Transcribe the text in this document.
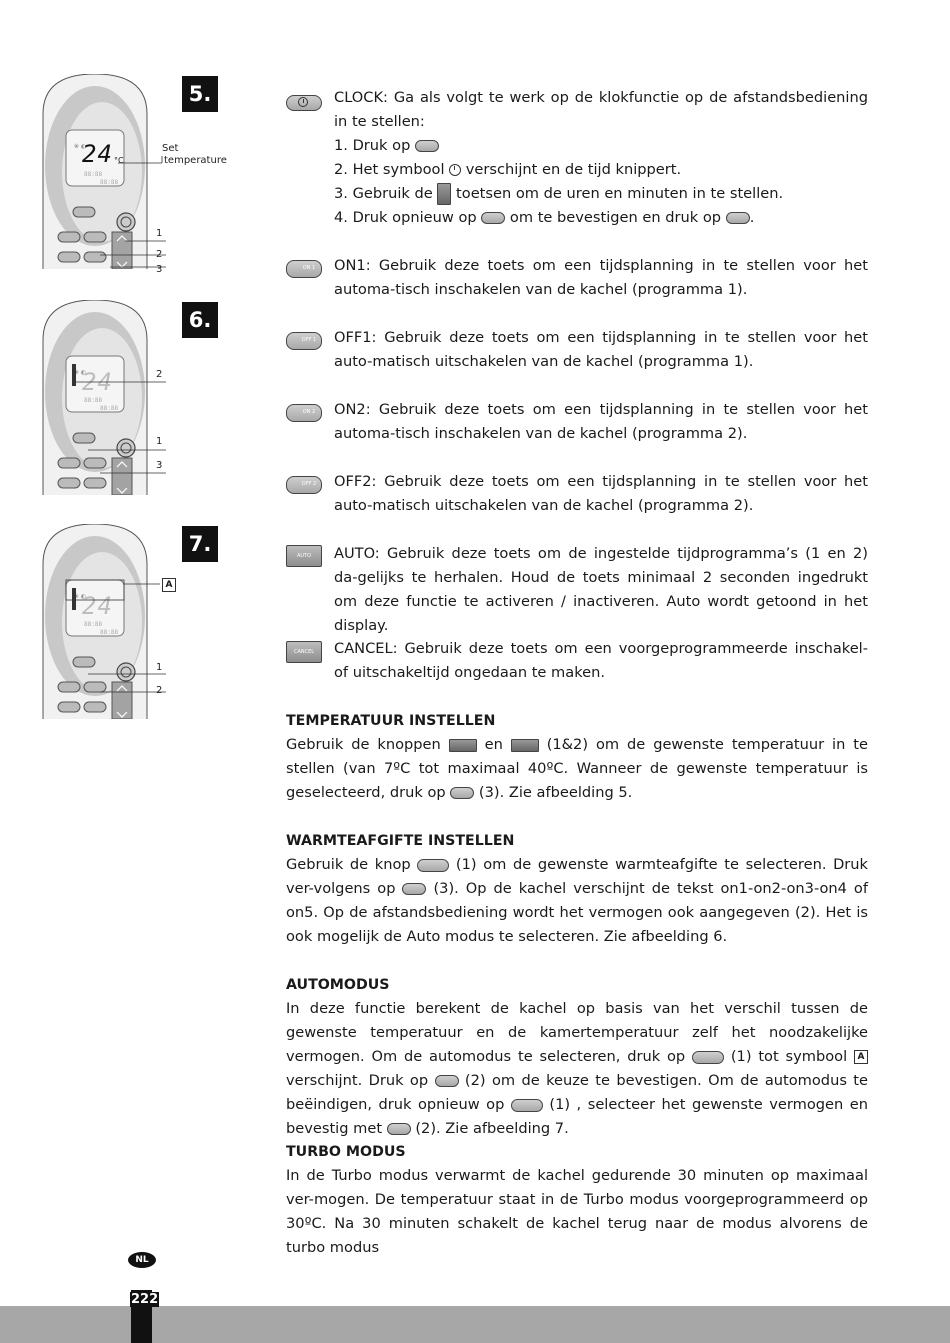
24 °C
5.
Set
temperature
1
2
3
24
6.
2
1
3
24
7.
A
1
2

CLOCK: Ga als volgt te werk op de klokfunctie op de afstandsbediening in te stellen:

1. Druk op

2. Het symbool verschijnt en de tijd knippert.

3. Gebruik de toetsen om de uren en minuten in te stellen.

4. Druk opnieuw op om te bevestigen en druk op .

ON 1	ON1: Gebruik deze toets om een tijdsplanning in te stellen voor het automa-tisch inschakelen van de kachel (programma 1).
OFF 1	OFF1: Gebruik deze toets om een tijdsplanning in te stellen voor het auto-matisch uitschakelen van de kachel (programma 1).
ON 2	ON2: Gebruik deze toets om een tijdsplanning in te stellen voor het automa-tisch inschakelen van de kachel (programma 2).
OFF 2	OFF2: Gebruik deze toets om een tijdsplanning in te stellen voor het auto-matisch uitschakelen van de kachel (programma 2).
AUTO	AUTO: Gebruik deze toets om de ingestelde tijdprogramma’s (1 en 2) da-gelijks te herhalen. Houd de toets minimaal 2 seconden ingedrukt om deze functie te activeren / inactiveren. Auto wordt getoond in het display.
CANCEL	CANCEL: Gebruik deze toets om een voorgeprogrammeerde inschakel- of uitschakeltijd ongedaan te maken.
TEMPERATUUR INSTELLEN
Gebruik de knoppen	en	(1&2) om de gewenste temperatuur in te stellen (van 7ºC tot maximaal 40ºC. Wanneer de gewenste temperatuur is geselecteerd, druk op (3). Zie afbeelding 5.
WARMTEAFGIFTE INSTELLEN
Gebruik de knop	(1) om de gewenste warmteafgifte te selecteren. Druk ver-volgens op	(3). Op de kachel verschijnt de tekst on1-on2-on3-on4 of on5. Op de afstandsbediening wordt het vermogen ook aangegeven (2). Het is ook mogelijk de Auto modus te selecteren. Zie afbeelding 6.
AUTOMODUS
In deze functie berekent de kachel op basis van het verschil tussen de gewenste temperatuur en de kamertemperatuur zelf het noodzakelijke vermogen. Om de automodus te selecteren, druk op	(1) tot symbool A verschijnt. Druk op	(2) om de keuze te bevestigen. Om de automodus te beëindigen, druk opnieuw op	(1) , selecteer het gewenste vermogen en bevestig met (2). Zie afbeelding 7.
TURBO MODUS
In de Turbo modus verwarmt de kachel gedurende 30 minuten op maximaal ver-mogen. De temperatuur staat in de Turbo modus voorgeprogrammeerd op 30ºC. Na 30 minuten schakelt de kachel terug naar de modus alvorens de turbo modus
NL
222
